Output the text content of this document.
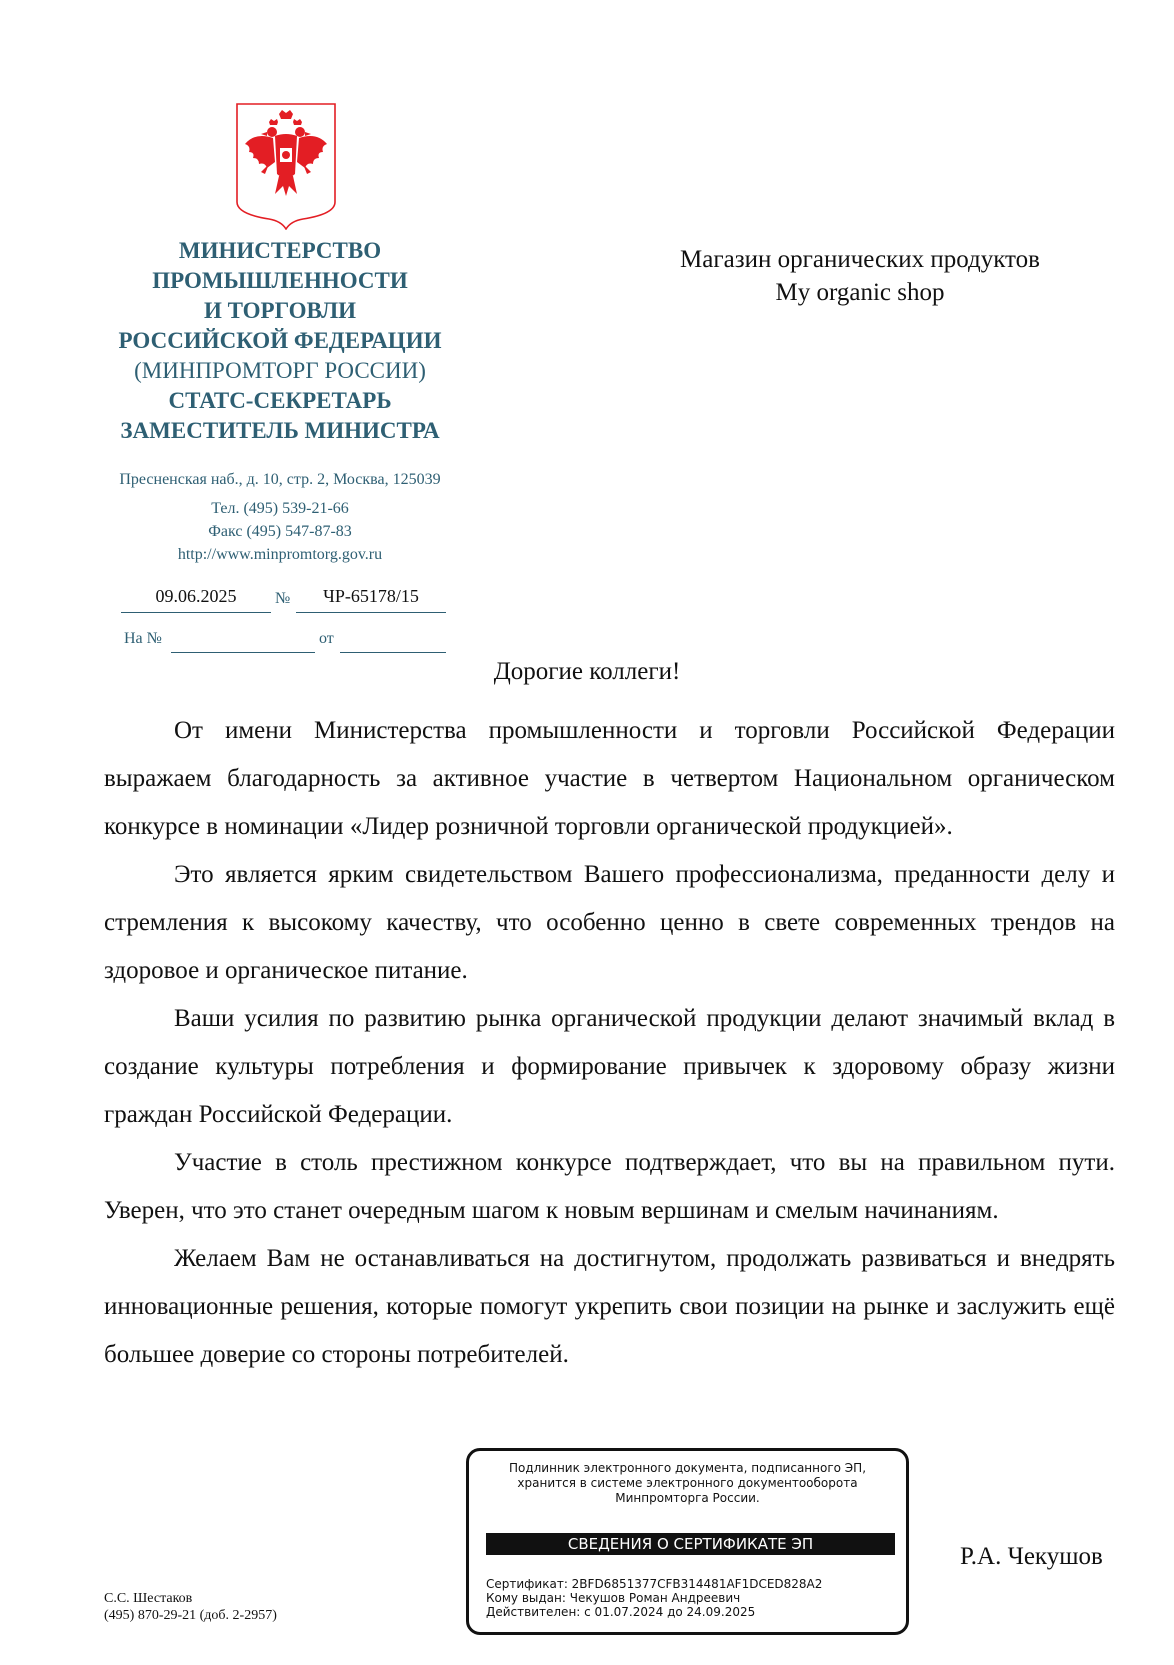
МИНИСТЕРСТВО
ПРОМЫШЛЕННОСТИ
И ТОРГОВЛИ
РОССИЙСКОЙ ФЕДЕРАЦИИ
(МИНПРОМТОРГ РОССИИ)
СТАТС-СЕКРЕТАРЬ
ЗАМЕСТИТЕЛЬ МИНИСТРА
Пресненская наб., д. 10, стр. 2, Москва, 125039
Тел. (495) 539-21-66
Факс (495) 547-87-83
http://www.minpromtorg.gov.ru
09.06.2025	№	ЧР-65178/15
На №	от
Магазин органических продуктов
My organic shop
Дорогие коллеги!

От имени Министерства промышленности и торговли Российской Федерации выражаем благодарность за активное участие в четвертом Национальном органическом конкурсе в номинации «Лидер розничной торговли органической продукцией».

Это является ярким свидетельством Вашего профессионализма, преданности делу и стремления к высокому качеству, что особенно ценно в свете современных трендов на здоровое и органическое питание.

Ваши усилия по развитию рынка органической продукции делают значимый вклад в создание культуры потребления и формирование привычек к здоровому образу жизни граждан Российской Федерации.

Участие в столь престижном конкурсе подтверждает, что вы на правильном пути. Уверен, что это станет очередным шагом к новым вершинам и смелым начинаниям.

Желаем Вам не останавливаться на достигнутом, продолжать развиваться и внедрять инновационные решения, которые помогут укрепить свои позиции на рынке и заслужить ещё большее доверие со стороны потребителей.

Подлинник электронного документа, подписанного ЭП,
хранится в системе электронного документооборота
Минпромторга России.
СВЕДЕНИЯ О СЕРТИФИКАТЕ ЭП
Сертификат: 2BFD6851377CFB314481AF1DCED828A2
Кому выдан: Чекушов Роман Андреевич
Действителен: с 01.07.2024 до 24.09.2025
Р.А. Чекушов
С.С. Шестаков
(495) 870-29-21 (доб. 2-2957)
